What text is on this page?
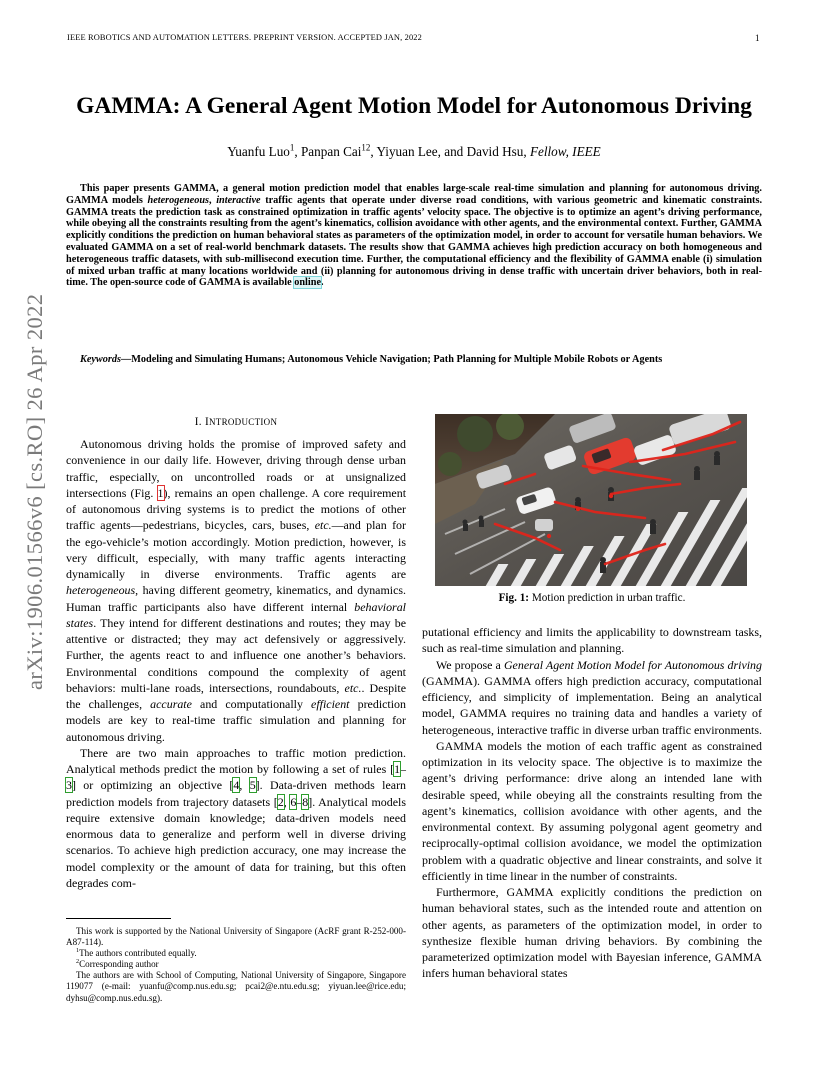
IEEE ROBOTICS AND AUTOMATION LETTERS. PREPRINT VERSION. ACCEPTED JAN, 2022	1
arXiv:1906.01566v6 [cs.RO] 26 Apr 2022
GAMMA: A General Agent Motion Model for Autonomous Driving
Yuanfu Luo$^1$, Panpan Cai$^{12}$, Yiyuan Lee, and David Hsu, Fellow, IEEE
This paper presents GAMMA, a general motion prediction model that enables large-scale real-time simulation and planning for autonomous driving. GAMMA models heterogeneous, interactive traffic agents that operate under diverse road conditions, with various geometric and kinematic constraints. GAMMA treats the prediction task as constrained optimization in traffic agents’ velocity space. The objective is to optimize an agent’s driving performance, while obeying all the constraints resulting from the agent’s kinematics, collision avoidance with other agents, and the environmental context. Further, GAMMA explicitly conditions the prediction on human behavioral states as parameters of the optimization model, in order to account for versatile human behaviors. We evaluated GAMMA on a set of real-world benchmark datasets. The results show that GAMMA achieves high prediction accuracy on both homogeneous and heterogeneous traffic datasets, with sub-millisecond execution time. Further, the computational efficiency and the flexibility of GAMMA enable (i) simulation of mixed urban traffic at many locations worldwide and (ii) planning for autonomous driving in dense traffic with uncertain driver behaviors, both in real-time. The open-source code of GAMMA is available online.
Keywords—Modeling and Simulating Humans; Autonomous Vehicle Navigation; Path Planning for Multiple Mobile Robots or Agents
I. INTRODUCTION

Autonomous driving holds the promise of improved safety and convenience in our daily life. However, driving through dense urban traffic, especially, on uncontrolled roads or at unsignalized intersections (Fig. 1), remains an open challenge. A core requirement of autonomous driving systems is to predict the motions of other traffic agents—pedestrians, bicycles, cars, buses, etc.—and plan for the ego-vehicle’s motion accordingly. Motion prediction, however, is very difficult, especially, with many traffic agents interacting dynamically in diverse environments. Traffic agents are heterogeneous, having different geometry, kinematics, and dynamics. Human traffic participants also have different internal behavioral states. They intend for different destinations and routes; they may be attentive or distracted; they may act defensively or aggressively. Further, the agents react to and influence one another’s behaviors. Environmental conditions compound the complexity of agent behaviors: multi-lane roads, intersections, roundabouts, etc.. Despite the challenges, accurate and computationally efficient prediction models are key to real-time traffic simulation and planning for autonomous driving.

There are two main approaches to traffic motion prediction. Analytical methods predict the motion by following a set of rules [1–3] or optimizing an objective [4, 5]. Data-driven methods learn prediction models from trajectory datasets [2, 6–8]. Analytical models require extensive domain knowledge; data-driven models need enormous data to generalize and perform well in diverse driving scenarios. To achieve high prediction accuracy, one may increase the model complexity or the amount of data for training, but this often degrades com-

Fig. 1: Motion prediction in urban traffic.

putational efficiency and limits the applicability to downstream tasks, such as real-time simulation and planning.

We propose a General Agent Motion Model for Autonomous driving (GAMMA). GAMMA offers high prediction accuracy, computational efficiency, and simplicity of implementation. Being an analytical model, GAMMA requires no training data and handles a variety of heterogeneous, interactive traffic in diverse urban traffic environments.

GAMMA models the motion of each traffic agent as constrained optimization in its velocity space. The objective is to maximize the agent’s driving performance: drive along an intended lane with desirable speed, while obeying all the constraints resulting from the agent’s kinematics, collision avoidance with other agents, and the environmental context. By assuming polygonal agent geometry and reciprocally-optimal collision avoidance, we model the optimization problem with a quadratic objective and linear constraints, and solve it efficiently in time linear in the number of constraints.

Furthermore, GAMMA explicitly conditions the prediction on human behavioral states, such as the intended route and attention on other agents, as parameters of the optimization model, in order to synthesize flexible human driving behaviors. By combining the parameterized optimization model with Bayesian inference, GAMMA infers human behavioral states

This work is supported by the National University of Singapore (AcRF grant R-252-000-A87-114).

$^1$The authors contributed equally.

$^2$Corresponding author

The authors are with School of Computing, National University of Singapore, Singapore 119077 (e-mail: yuanfu@comp.nus.edu.sg; pcai2@e.ntu.edu.sg; yiyuan.lee@rice.edu; dyhsu@comp.nus.edu.sg).
